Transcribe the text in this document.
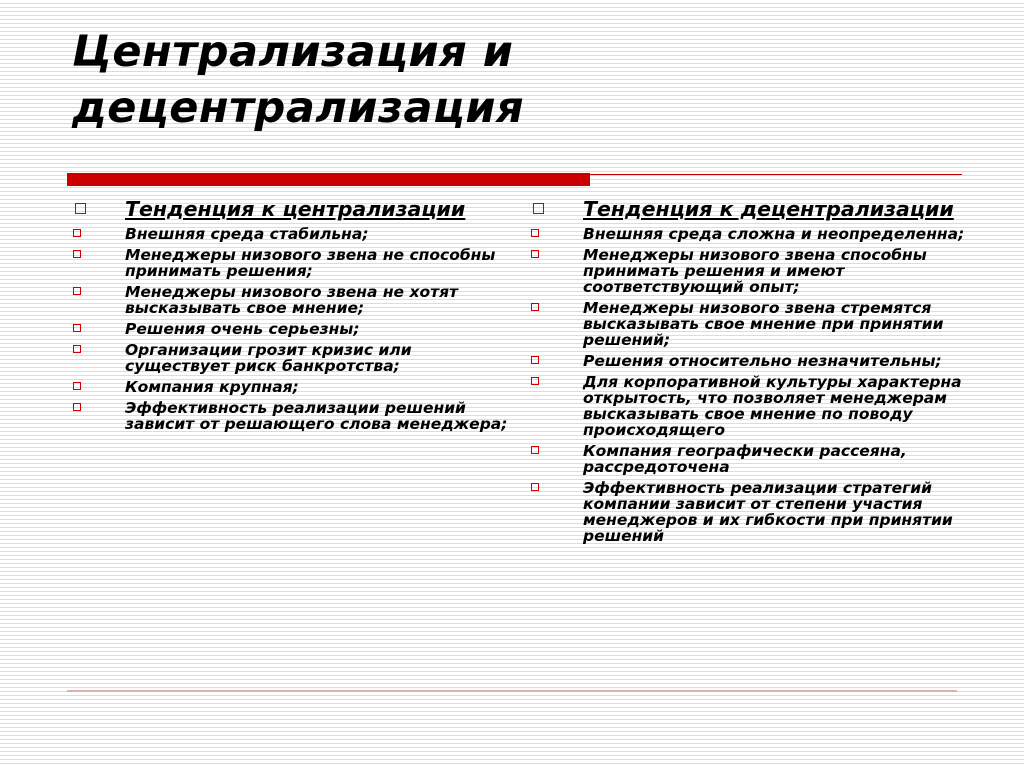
Централизация и
децентрализация
Тенденция к централизации
Внешняя среда стабильна;
Менеджеры низового звена не способны принимать решения;
Менеджеры низового звена не хотят высказывать свое мнение;
Решения очень серьезны;
Организации грозит кризис или существует риск банкротства;
Компания крупная;
Эффективность реализации решений зависит от решающего слова менеджера;
Тенденция к децентрализации
Внешняя среда сложна и неопределенна;
Менеджеры низового звена способны принимать решения и имеют соответствующий опыт;
Менеджеры низового звена стремятся высказывать свое мнение при принятии решений;
Решения относительно незначительны;
Для корпоративной культуры характерна открытость, что позволяет менеджерам высказывать свое мнение по поводу происходящего
Компания географически рассеяна, рассредоточена
Эффективность реализации стратегий компании зависит от степени участия менеджеров и их гибкости при принятии решений
